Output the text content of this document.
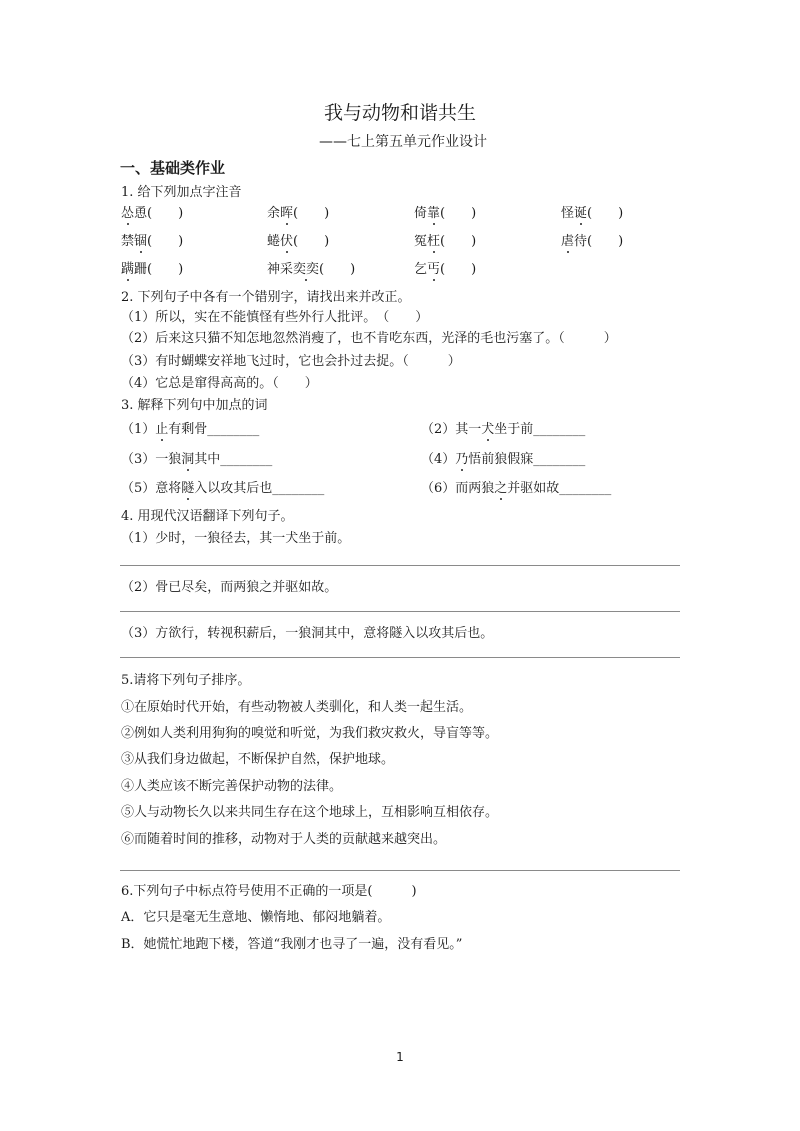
我与动物和谐共生
——七上第五单元作业设计
一、基础类作业
1. 给下列加点字注音
怂恿(　　)	余晖(　　)	倚靠(　　)	怪诞(　　)
禁锢(　　)	蜷伏(　　)	冤枉(　　)	虐待(　　)
蹒跚(　　)	神采奕奕(　　)	乞丐(　　)
2. 下列句子中各有一个错别字，请找出来并改正。
（1）所以，实在不能慎怪有些外行人批评。　（　　）
（2）后来这只猫不知怎地忽然消瘦了，也不肯吃东西，光泽的毛也污塞了。（　　　）
（3）有时蝴蝶安祥地飞过时，它也会扑过去捉。（　　　）
（4）它总是窜得高高的。（　　）
3. 解释下列句中加点的词
（1）止有剩骨________	（2）其一犬坐于前________
（3）一狼洞其中________	（4）乃悟前狼假寐________
（5）意将隧入以攻其后也________	（6）而两狼之并驱如故________
4. 用现代汉语翻译下列句子。
（1）少时，一狼径去，其一犬坐于前。
（2）骨已尽矣，而两狼之并驱如故。
（3）方欲行，转视积薪后，一狼洞其中，意将隧入以攻其后也。
5.请将下列句子排序。
①在原始时代开始，有些动物被人类驯化，和人类一起生活。
②例如人类利用狗狗的嗅觉和听觉，为我们救灾救火，导盲等等。
③从我们身边做起，不断保护自然，保护地球。
④人类应该不断完善保护动物的法律。
⑤人与动物长久以来共同生存在这个地球上，互相影响互相依存。
⑥而随着时间的推移，动物对于人类的贡献越来越突出。
6.下列句子中标点符号使用不正确的一项是(　　　)
A．它只是毫无生意地、懒惰地、郁闷地躺着。
B．她慌忙地跑下楼，答道“我刚才也寻了一遍，没有看见。”
1
